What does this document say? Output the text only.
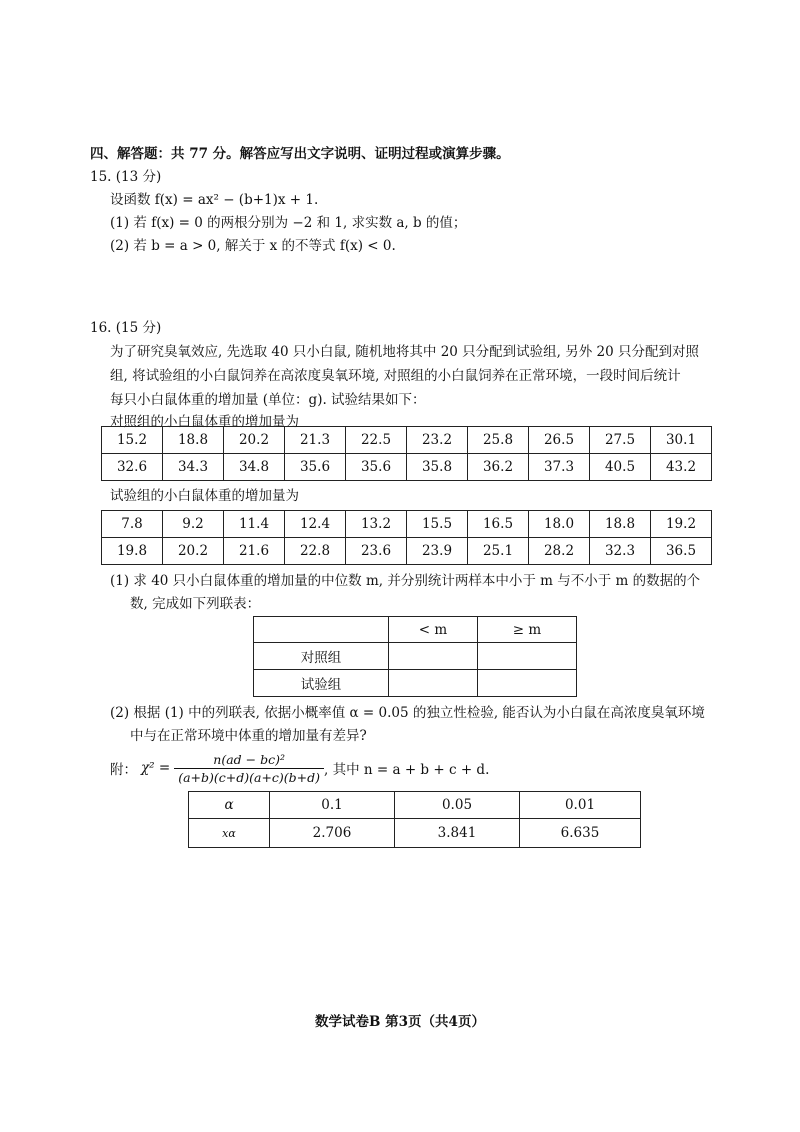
四、解答题：共 77 分。解答应写出文字说明、证明过程或演算步骤。
15. (13 分)
设函数 f(x) = ax² − (b+1)x + 1.
(1) 若 f(x) = 0 的两根分别为 −2 和 1, 求实数 a, b 的值；
(2) 若 b = a > 0, 解关于 x 的不等式 f(x) < 0.
16. (15 分)
为了研究臭氧效应, 先选取 40 只小白鼠, 随机地将其中 20 只分配到试验组, 另外 20 只分配到对照
组, 将试验组的小白鼠饲养在高浓度臭氧环境, 对照组的小白鼠饲养在正常环境，一段时间后统计
每只小白鼠体重的增加量 (单位：g). 试验结果如下：
对照组的小白鼠体重的增加量为
15.2	18.8	20.2	21.3	22.5	23.2	25.8	26.5	27.5	30.1
32.6	34.3	34.8	35.6	35.6	35.8	36.2	37.3	40.5	43.2
试验组的小白鼠体重的增加量为
7.8	9.2	11.4	12.4	13.2	15.5	16.5	18.0	18.8	19.2
19.8	20.2	21.6	22.8	23.6	23.9	25.1	28.2	32.3	36.5
(1) 求 40 只小白鼠体重的增加量的中位数 m, 并分别统计两样本中小于 m 与不小于 m 的数据的个
数, 完成如下列联表：
	< m	≥ m
对照组		
试验组		
(2) 根据 (1) 中的列联表, 依据小概率值 α = 0.05 的独立性检验, 能否认为小白鼠在高浓度臭氧环境
中与在正常环境中体重的增加量有差异?
附： $\chi^2 = \frac{\text{n(ad − bc)²}}{(a+b)(c+d)(a+c)(b+d)}$ , 其中 n = a + b + c + d.
α	0.1	0.05	0.01
xα	2.706	3.841	6.635
数学试卷B 第3页（共4页）
